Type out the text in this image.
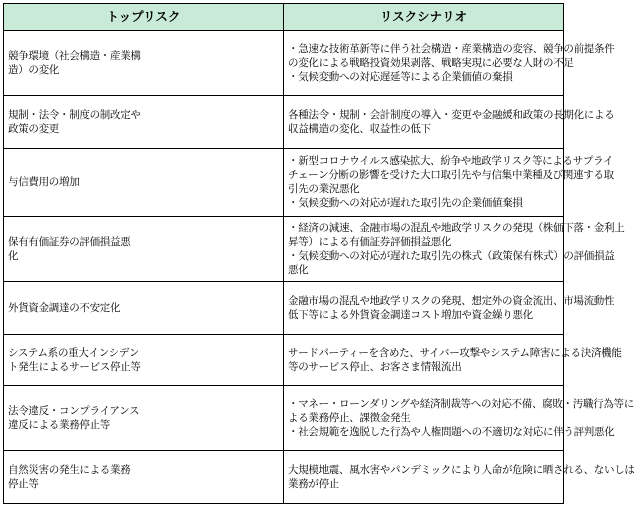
トップリスク	リスクシナリオ

競争環境（社会構造・産業構
造）の変化	・急速な技術革新等に伴う社会構造・産業構造の変容、競争の前提条件
の変化による戦略投資効果剥落、戦略実現に必要な人財の不足
・気候変動への対応遅延等による企業価値の棄損

規制・法令・制度の制改定や
政策の変更	各種法令・規制・会計制度の導入・変更や金融緩和政策の長期化による
収益構造の変化、収益性の低下

与信費用の増加	・新型コロナウイルス感染拡大、紛争や地政学リスク等によるサプライ
チェーン分断の影響を受けた大口取引先や与信集中業種及び関連する取
引先の業況悪化
・気候変動への対応が遅れた取引先の企業価値棄損

保有有価証券の評価損益悪
化	・経済の減速、金融市場の混乱や地政学リスクの発現（株価下落・金利上
昇等）による有価証券評価損益悪化
・気候変動への対応が遅れた取引先の株式（政策保有株式）の評価損益
悪化

外貨資金調達の不安定化	金融市場の混乱や地政学リスクの発現、想定外の資金流出、市場流動性
低下等による外貨資金調達コスト増加や資金繰り悪化

システム系の重大インシデン
ト発生によるサービス停止等	サードパーティーを含めた、サイバー攻撃やシステム障害による決済機能
等のサービス停止、お客さま情報流出

法令違反・コンプライアンス
違反による業務停止等	・マネー・ローンダリングや経済制裁等への対応不備、腐敗・汚職行為等に
よる業務停止、課徴金発生
・社会規範を逸脱した行為や人権問題への不適切な対応に伴う評判悪化

自然災害の発生による業務
停止等	大規模地震、風水害やパンデミックにより人命が危険に晒される、ないしは
業務が停止
